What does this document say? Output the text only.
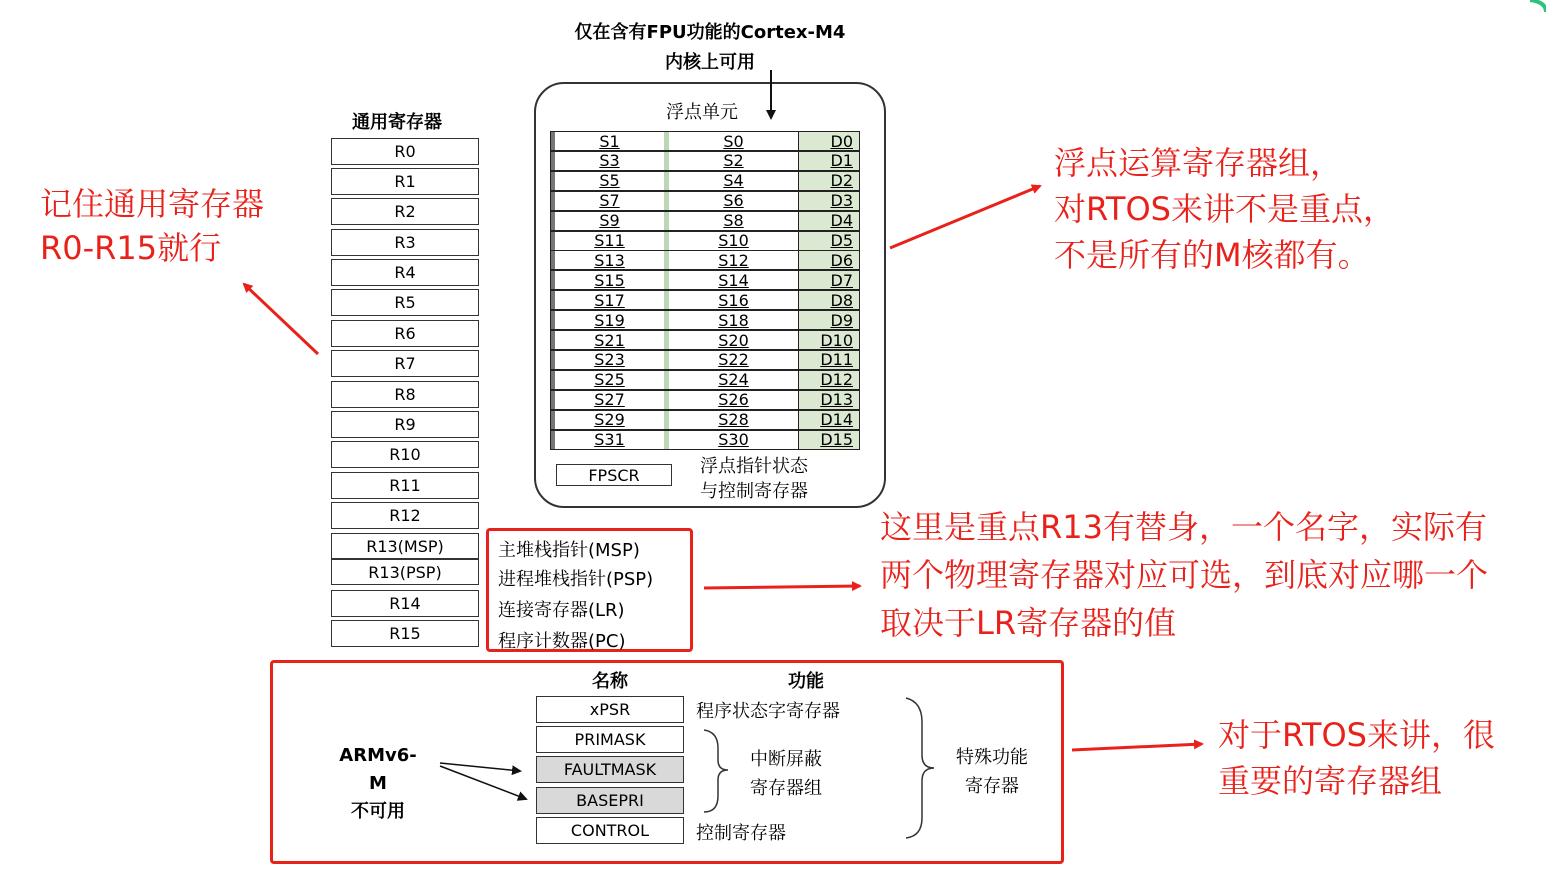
仅在含有FPU功能的Cortex-M4
内核上可用
通用寄存器
R0
R1
R2
R3
R4
R5
R6
R7
R8
R9
R10
R11
R12
R13(MSP)
R13(PSP)
R14
R15
浮点单元
S1	S0	D0
S3	S2	D1
S5	S4	D2
S7	S6	D3
S9	S8	D4
S11	S10	D5
S13	S12	D6
S15	S14	D7
S17	S16	D8
S19	S18	D9
S21	S20	D10
S23	S22	D11
S25	S24	D12
S27	S26	D13
S29	S28	D14
S31	S30	D15
FPSCR	浮点指针状态
与控制寄存器
主堆栈指针(MSP)
进程堆栈指针(PSP)
连接寄存器(LR)
程序计数器(PC)
名称	功能
xPSR
PRIMASK
FAULTMASK
BASEPRI
CONTROL
程序状态字寄存器
控制寄存器
中断屏蔽
寄存器组
特殊功能
寄存器
ARMv6-M
不可用
记住通用寄存器
R0-R15就行
浮点运算寄存器组，
对RTOS来讲不是重点，
不是所有的M核都有。
这里是重点R13有替身，一个名字，实际有
两个物理寄存器对应可选，到底对应哪一个
取决于LR寄存器的值
对于RTOS来讲，很
重要的寄存器组
